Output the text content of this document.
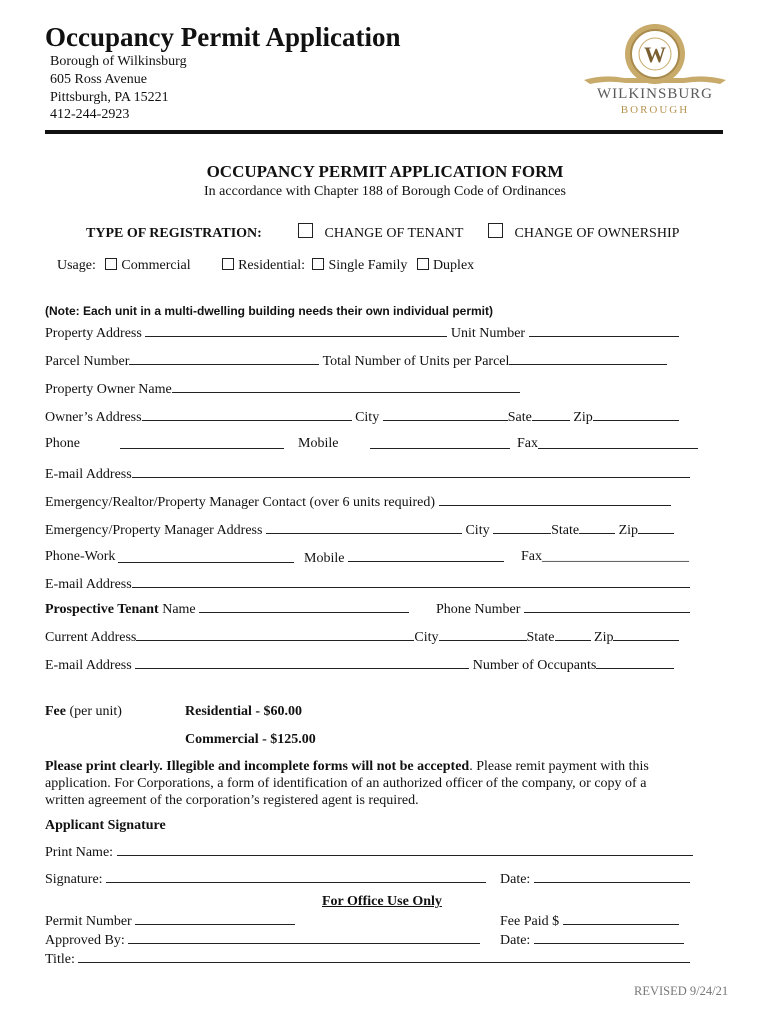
Occupancy Permit Application
Borough of Wilkinsburg
605 Ross Avenue
Pittsburgh, PA 15221
412-244-2923
W
WILKINSBURG
BOROUGH
OCCUPANCY PERMIT APPLICATION FORM
In accordance with Chapter 188 of Borough Code of Ordinances
TYPE OF REGISTRATION:	CHANGE OF TENANT	CHANGE OF OWNERSHIP
Usage: Commercial	Residential: Single Family Duplex
(Note: Each unit in a multi-dwelling building needs their own individual permit)
Property Address	Unit Number
Parcel Number	Total Number of Units per Parcel
Property Owner Name
Owner’s Address	City	Sate	Zip
Phone	Mobile	Fax
E-mail Address
Emergency/Realtor/Property Manager Contact (over 6 units required)
Emergency/Property Manager Address	City	State	Zip
Phone-Work	Mobile	Fax_____________________
E-mail Address
Prospective Tenant Name	Phone Number
Current Address	City	State	Zip
E-mail Address	Number of Occupants
Fee (per unit)	Residential - $60.00
Commercial - $125.00
Please print clearly. Illegible and incomplete forms will not be accepted. Please remit payment with this
application. For Corporations, a form of identification of an authorized officer of the company, or copy of a
written agreement of the corporation’s registered agent is required.
Applicant Signature
Print Name:
Signature:	Date:
For Office Use Only
Permit Number	Fee Paid $
Approved By:	Date:
Title:
REVISED 9/24/21
